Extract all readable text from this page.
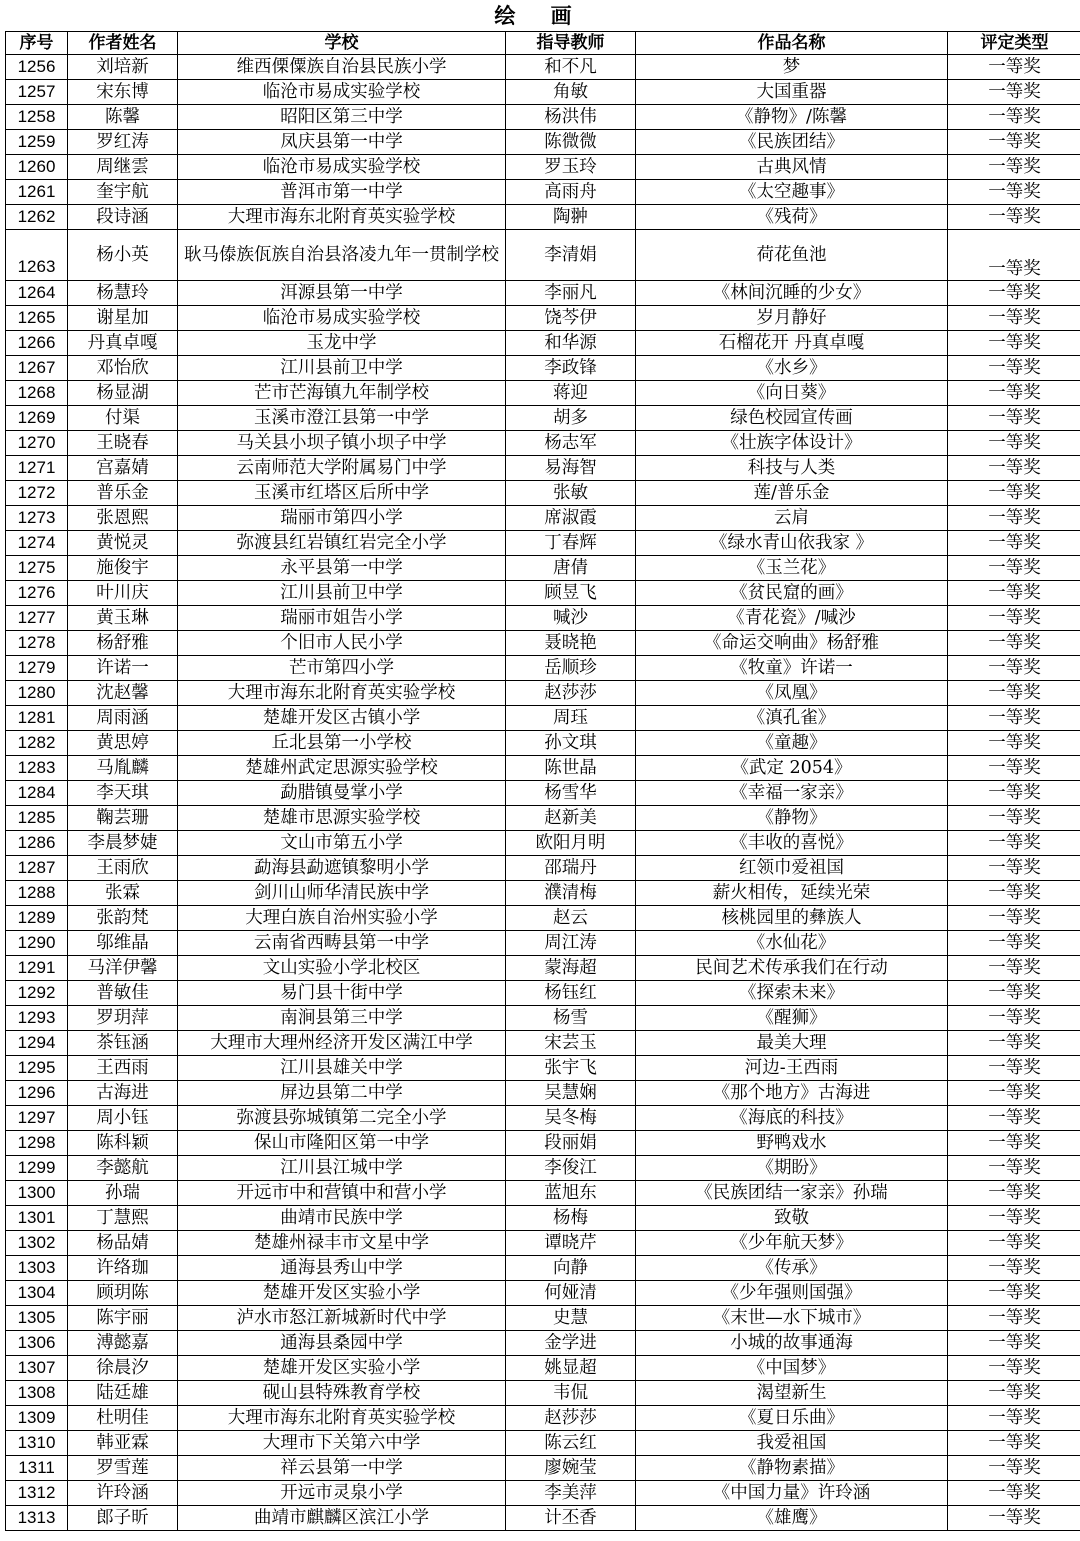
绘 画
序号	作者姓名	学校	指导教师	作品名称	评定类型
1256	刘培新	维西傈僳族自治县民族小学	和不凡	梦	一等奖
1257	宋东博	临沧市易成实验学校	角敏	大国重器	一等奖
1258	陈馨	昭阳区第三中学	杨洪伟	《静物》/陈馨	一等奖
1259	罗红涛	凤庆县第一中学	陈微微	《民族团结》	一等奖
1260	周继雲	临沧市易成实验学校	罗玉玲	古典风情	一等奖
1261	奎宇航	普洱市第一中学	高雨舟	《太空趣事》	一等奖
1262	段诗涵	大理市海东北附育英实验学校	陶翀	《残荷》	一等奖
1263	杨小英	耿马傣族佤族自治县洛凌九年一贯制学校	李清娟	荷花鱼池	一等奖
1264	杨慧玲	洱源县第一中学	李丽凡	《林间沉睡的少女》	一等奖
1265	谢星加	临沧市易成实验学校	饶芩伊	岁月静好	一等奖
1266	丹真卓嘎	玉龙中学	和华源	石榴花开 丹真卓嘎	一等奖
1267	邓怡欣	江川县前卫中学	李政锋	《水乡》	一等奖
1268	杨显湖	芒市芒海镇九年制学校	蒋迎	《向日葵》	一等奖
1269	付渠	玉溪市澄江县第一中学	胡多	绿色校园宣传画	一等奖
1270	王晓春	马关县小坝子镇小坝子中学	杨志军	《壮族字体设计》	一等奖
1271	宫嘉婧	云南师范大学附属易门中学	易海智	科技与人类	一等奖
1272	普乐金	玉溪市红塔区后所中学	张敏	莲/普乐金	一等奖
1273	张恩熙	瑞丽市第四小学	席淑霞	云肩	一等奖
1274	黄悦灵	弥渡县红岩镇红岩完全小学	丁春辉	《绿水青山依我家 》	一等奖
1275	施俊宇	永平县第一中学	唐倩	《玉兰花》	一等奖
1276	叶川庆	江川县前卫中学	顾昱飞	《贫民窟的画》	一等奖
1277	黄玉琳	瑞丽市姐告小学	喊沙	《青花瓷》/喊沙	一等奖
1278	杨舒雅	个旧市人民小学	聂晓艳	《命运交响曲》杨舒雅	一等奖
1279	许诺一	芒市第四小学	岳顺珍	《牧童》许诺一	一等奖
1280	沈赵馨	大理市海东北附育英实验学校	赵莎莎	《凤凰》	一等奖
1281	周雨涵	楚雄开发区古镇小学	周珏	《滇孔雀》	一等奖
1282	黄思婷	丘北县第一小学校	孙文琪	《童趣》	一等奖
1283	马胤麟	楚雄州武定思源实验学校	陈世晶	《武定 2054》	一等奖
1284	李天琪	勐腊镇曼掌小学	杨雪华	《幸福一家亲》	一等奖
1285	鞠芸珊	楚雄市思源实验学校	赵新美	《静物》	一等奖
1286	李晨梦婕	文山市第五小学	欧阳月明	《丰收的喜悦》	一等奖
1287	王雨欣	勐海县勐遮镇黎明小学	邵瑞丹	红领巾爱祖国	一等奖
1288	张霖	剑川山师华清民族中学	濮清梅	薪火相传，延续光荣	一等奖
1289	张韵梵	大理白族自治州实验小学	赵云	核桃园里的彝族人	一等奖
1290	邬维晶	云南省西畴县第一中学	周江涛	《水仙花》	一等奖
1291	马洋伊馨	文山实验小学北校区	蒙海超	民间艺术传承我们在行动	一等奖
1292	普敏佳	易门县十街中学	杨钰红	《探索未来》	一等奖
1293	罗玥萍	南涧县第三中学	杨雪	《醒狮》	一等奖
1294	茶钰涵	大理市大理州经济开发区满江中学	宋芸玉	最美大理	一等奖
1295	王西雨	江川县雄关中学	张宇飞	河边-王西雨	一等奖
1296	古海进	屏边县第二中学	吴慧娴	《那个地方》古海进	一等奖
1297	周小钰	弥渡县弥城镇第二完全小学	吴冬梅	《海底的科技》	一等奖
1298	陈科颖	保山市隆阳区第一中学	段丽娟	野鸭戏水	一等奖
1299	李懿航	江川县江城中学	李俊江	《期盼》	一等奖
1300	孙瑞	开远市中和营镇中和营小学	蓝旭东	《民族团结一家亲》孙瑞	一等奖
1301	丁慧熙	曲靖市民族中学	杨梅	致敬	一等奖
1302	杨品婧	楚雄州禄丰市文星中学	谭晓芹	《少年航天梦》	一等奖
1303	许络珈	通海县秀山中学	向静	《传承》	一等奖
1304	顾玥陈	楚雄开发区实验小学	何娅清	《少年强则国强》	一等奖
1305	陈宇丽	泸水市怒江新城新时代中学	史慧	《末世—水下城市》	一等奖
1306	溥懿嘉	通海县桑园中学	金学进	小城的故事通海	一等奖
1307	徐晨汐	楚雄开发区实验小学	姚显超	《中国梦》	一等奖
1308	陆廷雄	砚山县特殊教育学校	韦侃	渴望新生	一等奖
1309	杜明佳	大理市海东北附育英实验学校	赵莎莎	《夏日乐曲》	一等奖
1310	韩亚霖	大理市下关第六中学	陈云红	我爱祖国	一等奖
1311	罗雪莲	祥云县第一中学	廖婉莹	《静物素描》	一等奖
1312	许玲涵	开远市灵泉小学	李美萍	《中国力量》许玲涵	一等奖
1313	郎子昕	曲靖市麒麟区滨江小学	计丕香	《雄鹰》	一等奖
